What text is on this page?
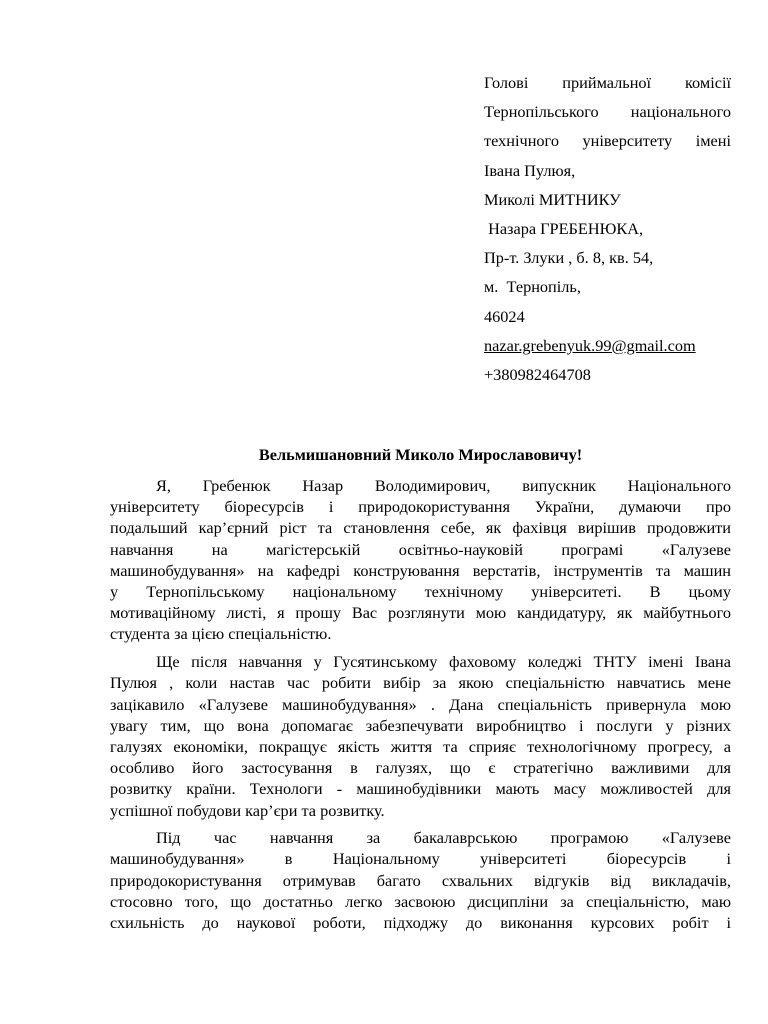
Голові приймальної комісії
Тернопільського національного
технічного університету імені
Івана Пулюя,
Миколі МИТНИКУ
Назара ГРЕБЕНЮКА,
Пр-т. Злуки , б. 8, кв. 54,
м.  Тернопіль,
46024
nazar.grebenyuk.99@gmail.com
+380982464708
Вельмишановний Миколо Мирославовичу!
Я, Гребенюк Назар Володимирович, випускник Національного
університету біоресурсів і природокористування України, думаючи про
подальший кар’єрний ріст та становлення себе, як фахівця вирішив продовжити
навчання на магістерській освітньо-науковій програмі «Галузеве
машинобудування» на кафедрі конструювання верстатів, інструментів та машин
у Тернопільському національному технічному університеті. В цьому
мотиваційному листі, я прошу Вас розглянути мою кандидатуру, як майбутнього
студента за цією спеціальністю.
Ще після навчання у Гусятинському фаховому коледжі ТНТУ імені Івана
Пулюя , коли настав час робити вибір за якою спеціальністю навчатись мене
зацікавило «Галузеве машинобудування» . Дана спеціальність привернула мою
увагу тим, що вона допомагає забезпечувати виробництво і послуги у різних
галузях економіки, покращує якість життя та сприяє технологічному прогресу, а
особливо його застосування в галузях, що є стратегічно важливими для
розвитку країни. Технологи - машинобудівники мають масу можливостей для
успішної побудови кар’єри та розвитку.
Під час навчання за бакалаврською програмою «Галузеве
машинобудування» в Національному університеті біоресурсів і
природокористування отримував багато схвальних відгуків від викладачів,
стосовно того, що достатньо легко засвоюю дисципліни за спеціальністю, маю
схильність до наукової роботи, підходжу до виконання курсових робіт і
